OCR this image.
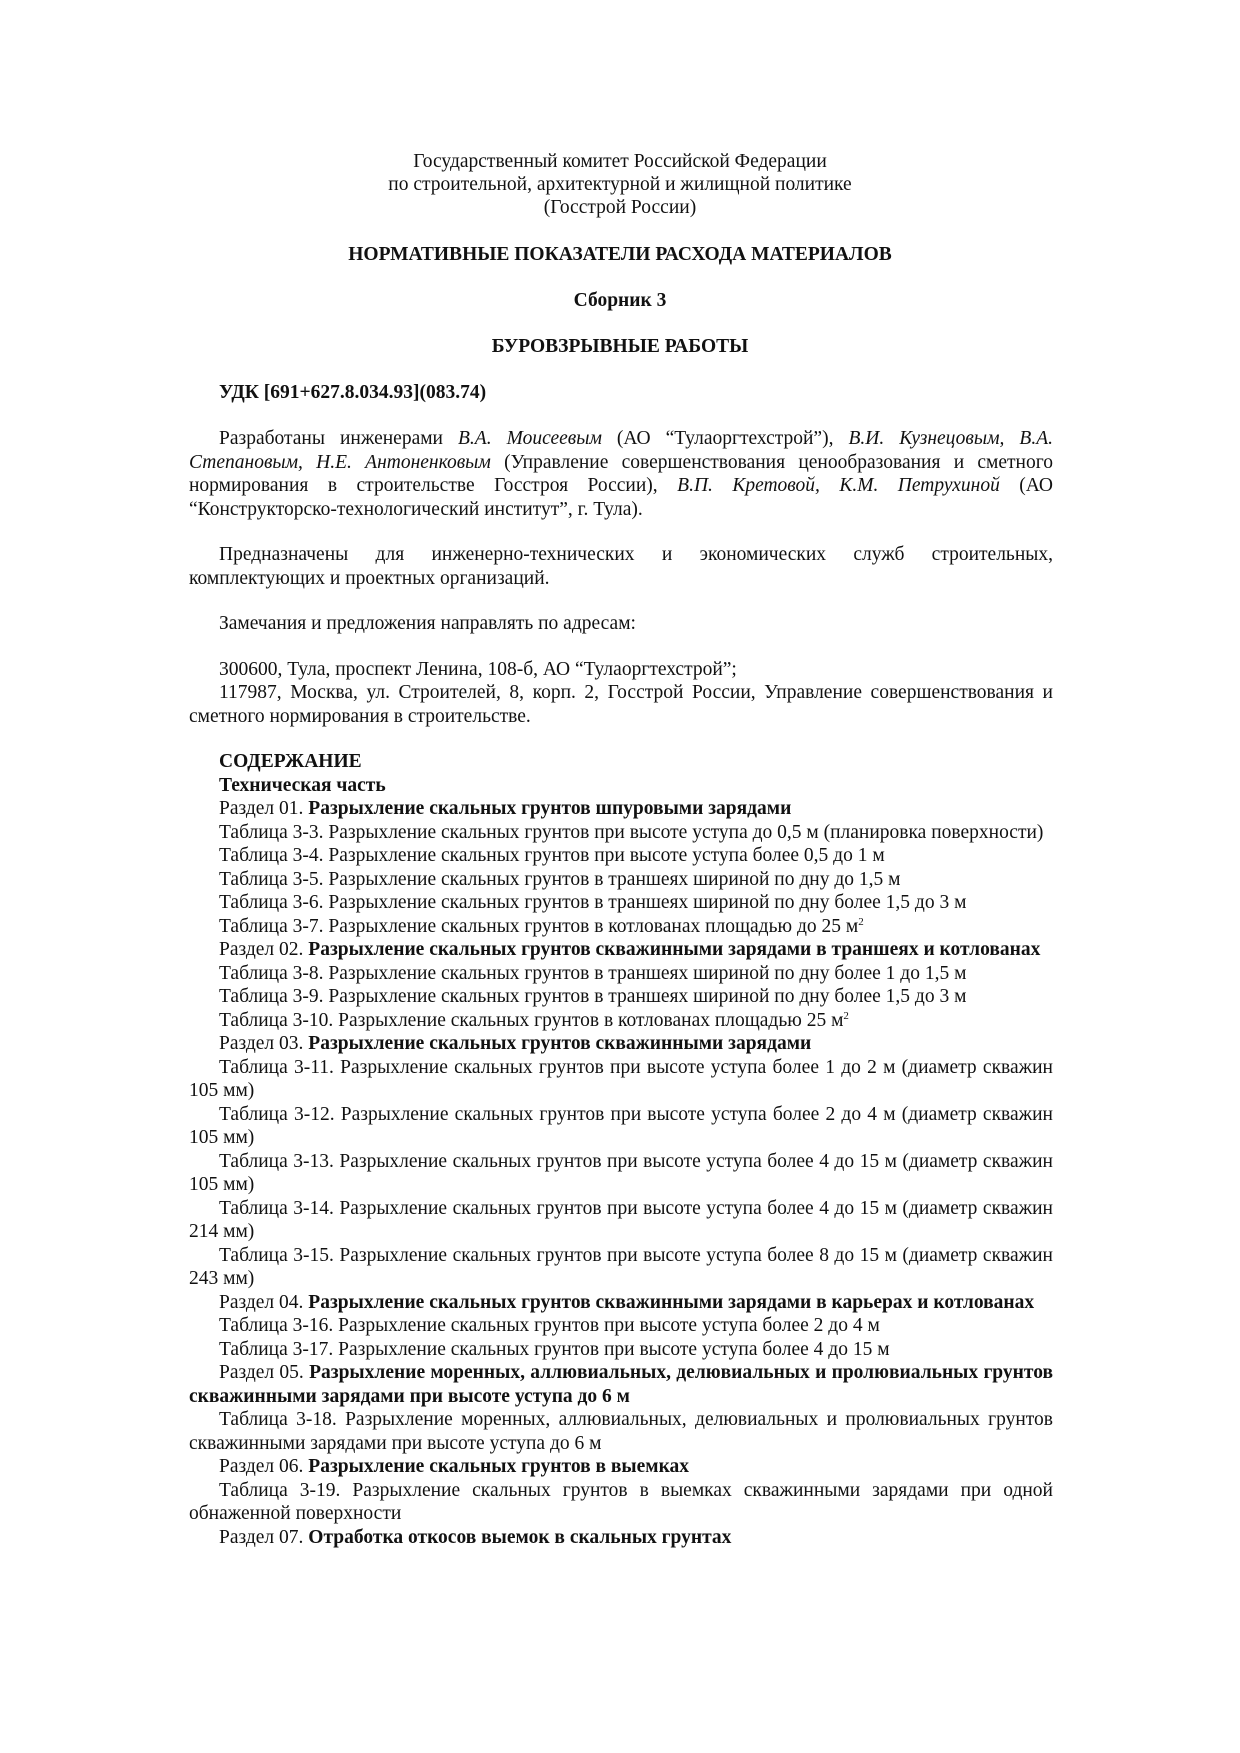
Государственный комитет Российской Федерации
по строительной, архитектурной и жилищной политике
(Госстрой России)
НОРМАТИВНЫЕ ПОКАЗАТЕЛИ РАСХОДА МАТЕРИАЛОВ
Сборник 3
БУРОВЗРЫВНЫЕ РАБОТЫ
УДК [691+627.8.034.93](083.74)
Разработаны инженерами В.А. Моисеевым (АО “Тулаоргтехстрой”), В.И. Кузнецовым, В.А. Степановым, Н.Е. Антоненковым (Управление совершенствования ценообразования и сметного нормирования в строительстве Госстроя России), В.П. Кретовой, К.М. Петрухиной (АО “Конструкторско-технологический институт”, г. Тула).
Предназначены для инженерно-технических и экономических служб строительных, комплектующих и проектных организаций.
Замечания и предложения направлять по адресам:
300600, Тула, проспект Ленина, 108-б, АО “Тулаоргтехстрой”;
117987, Москва, ул. Строителей, 8, корп. 2, Госстрой России, Управление совершенствования и сметного нормирования в строительстве.

СОДЕРЖАНИЕ

Техническая часть

Раздел 01. Разрыхление скальных грунтов шпуровыми зарядами

Таблица 3-3. Разрыхление скальных грунтов при высоте уступа до 0,5 м (планировка поверхности)

Таблица 3-4. Разрыхление скальных грунтов при высоте уступа более 0,5 до 1 м

Таблица 3-5. Разрыхление скальных грунтов в траншеях шириной по дну до 1,5 м

Таблица 3-6. Разрыхление скальных грунтов в траншеях шириной по дну более 1,5 до 3 м

Таблица 3-7. Разрыхление скальных грунтов в котлованах площадью до 25 $м^2$

Раздел 02. Разрыхление скальных грунтов скважинными зарядами в траншеях и котлованах

Таблица 3-8. Разрыхление скальных грунтов в траншеях шириной по дну более 1 до 1,5 м

Таблица 3-9. Разрыхление скальных грунтов в траншеях шириной по дну более 1,5 до 3 м

Таблица 3-10. Разрыхление скальных грунтов в котлованах площадью 25 $м^2$

Раздел 03. Разрыхление скальных грунтов скважинными зарядами

Таблица 3-11. Разрыхление скальных грунтов при высоте уступа более 1 до 2 м (диаметр скважин 105 мм)

Таблица 3-12. Разрыхление скальных грунтов при высоте уступа более 2 до 4 м (диаметр скважин 105 мм)

Таблица 3-13. Разрыхление скальных грунтов при высоте уступа более 4 до 15 м (диаметр скважин 105 мм)

Таблица 3-14. Разрыхление скальных грунтов при высоте уступа более 4 до 15 м (диаметр скважин 214 мм)

Таблица 3-15. Разрыхление скальных грунтов при высоте уступа более 8 до 15 м (диаметр скважин 243 мм)

Раздел 04. Разрыхление скальных грунтов скважинными зарядами в карьерах и котлованах

Таблица 3-16. Разрыхление скальных грунтов при высоте уступа более 2 до 4 м

Таблица 3-17. Разрыхление скальных грунтов при высоте уступа более 4 до 15 м

Раздел 05. Разрыхление моренных, аллювиальных, делювиальных и пролювиальных грунтов скважинными зарядами при высоте уступа до 6 м

Таблица 3-18. Разрыхление моренных, аллювиальных, делювиальных и пролювиальных грунтов скважинными зарядами при высоте уступа до 6 м

Раздел 06. Разрыхление скальных грунтов в выемках

Таблица 3-19. Разрыхление скальных грунтов в выемках скважинными зарядами при одной обнаженной поверхности

Раздел 07. Отработка откосов выемок в скальных грунтах
